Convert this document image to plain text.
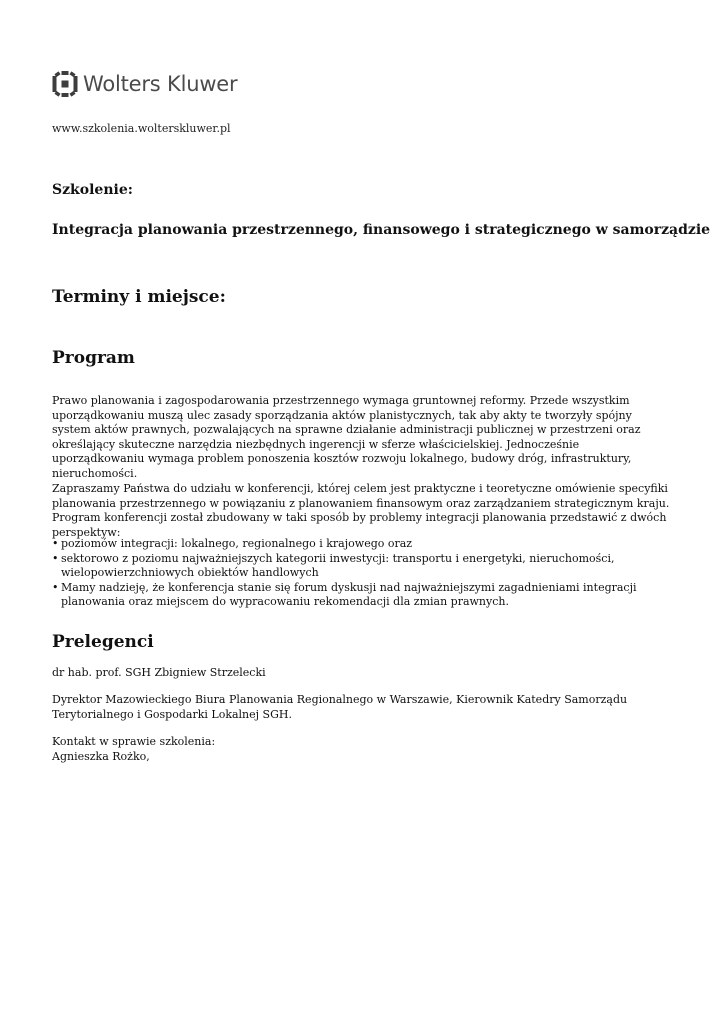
Wolters Kluwer
www.szkolenia.wolterskluwer.pl
Szkolenie:
Integracja planowania przestrzennego, finansowego i strategicznego w samorządzie
Terminy i miejsce:
Program

Prawo planowania i zagospodarowania przestrzennego wymaga gruntownej reformy. Przede wszystkim uporządkowaniu muszą ulec zasady sporządzania aktów planistycznych, tak aby akty te tworzyły spójny system aktów prawnych, pozwalających na sprawne działanie administracji publicznej w przestrzeni oraz określający skuteczne narzędzia niezbędnych ingerencji w sferze właścicielskiej. Jednocześnie uporządkowaniu wymaga problem ponoszenia kosztów rozwoju lokalnego, budowy dróg, infrastruktury, nieruchomości.

Zapraszamy Państwa do udziału w konferencji, której celem jest praktyczne i teoretyczne omówienie specyfiki planowania przestrzennego w powiązaniu z planowaniem finansowym oraz zarządzaniem strategicznym kraju. Program konferencji został zbudowany w taki sposób by problemy integracji planowania przedstawić z dwóch perspektyw:

• poziomów integracji: lokalnego, regionalnego i krajowego oraz
• sektorowo z poziomu najważniejszych kategorii inwestycji: transportu i energetyki, nieruchomości, wielopowierzchniowych obiektów handlowych
• Mamy nadzieję, że konferencja stanie się forum dyskusji nad najważniejszymi zagadnieniami integracji planowania oraz miejscem do wypracowaniu rekomendacji dla zmian prawnych.
Prelegenci

dr hab. prof. SGH Zbigniew Strzelecki

Dyrektor Mazowieckiego Biura Planowania Regionalnego w Warszawie, Kierownik Katedry Samorządu Terytorialnego i Gospodarki Lokalnej SGH.

Kontakt w sprawie szkolenia:

Agnieszka Rożko,
